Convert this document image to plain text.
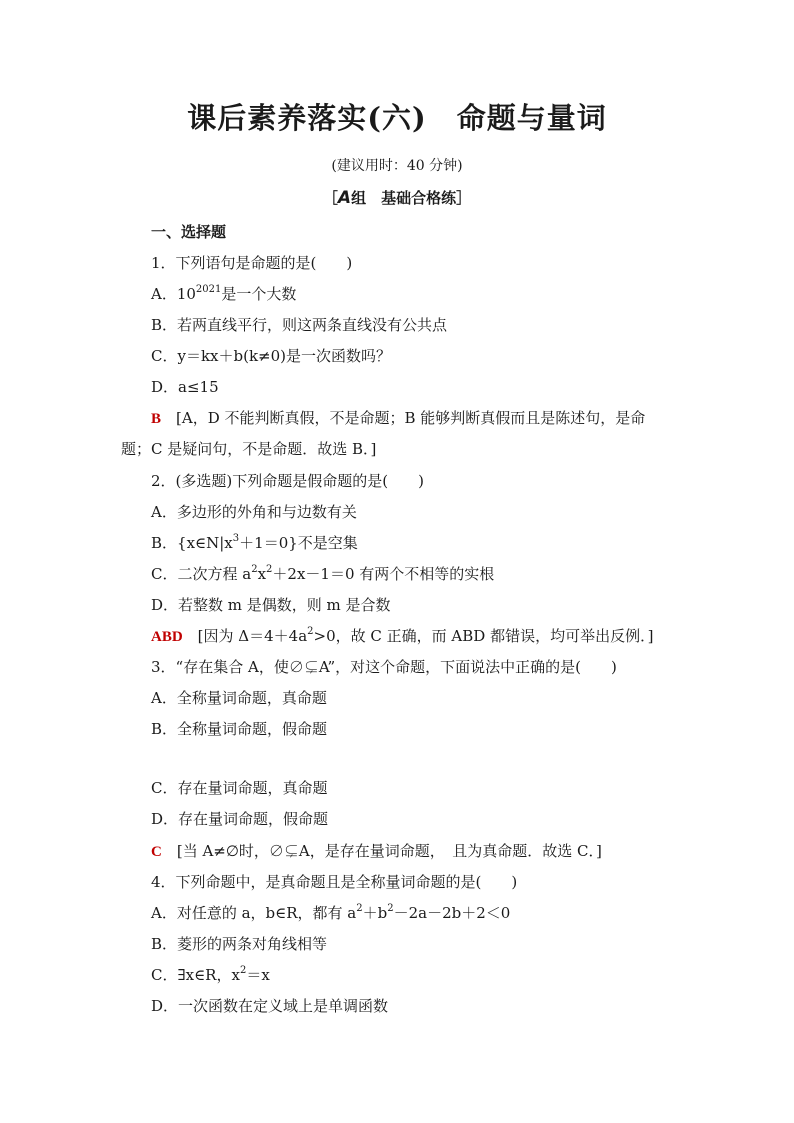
课后素养落实(六)　命题与量词
(建议用时：40 分钟)
［A组　基础合格练］
一、选择题
1．下列语句是命题的是(　　)
A．$10^{2021}$是一个大数
B．若两直线平行，则这两条直线没有公共点
C．y＝kx＋b(k≠0)是一次函数吗？
D．a≤15
B　[A，D 不能判断真假，不是命题；B 能够判断真假而且是陈述句，是命
题；C 是疑问句，不是命题．故选 B．]
2．(多选题)下列命题是假命题的是(　　)
A．多边形的外角和与边数有关
B．$\{x\in N|x^3+1=0\}$不是空集
C．二次方程 $a^2x^2+2x-1=0$ 有两个不相等的实根
D．若整数 m 是偶数，则 m 是合数
ABD　[因为 $\Delta=4+4a^2>0$，故 C 正确，而 ABD 都错误，均可举出反例．]
3．“存在集合 A，使∅⊊A”，对这个命题，下面说法中正确的是(　　)
A．全称量词命题，真命题
B．全称量词命题，假命题
C．存在量词命题，真命题
D．存在量词命题，假命题
C　[当 A≠∅时，∅⊊A，是存在量词命题，　且为真命题．故选 C．]
4．下列命题中，是真命题且是全称量词命题的是(　　)
A．对任意的 a，b∈R，都有 $a^2+b^2-2a-2b+2<0$
B．菱形的两条对角线相等
C．∃x∈R，$x^2=x$
D．一次函数在定义域上是单调函数
